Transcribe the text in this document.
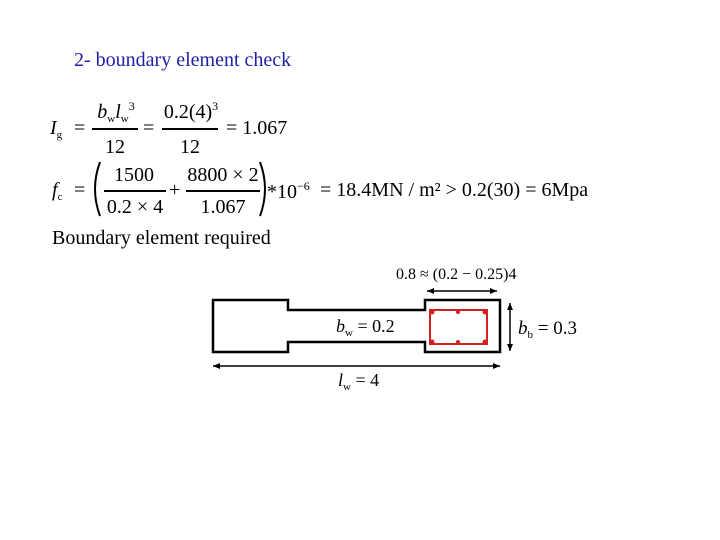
2- boundary element check
$I_g$ =
$b_wl_w^3$
12
=
$0.2(4)^3$
12
= 1.067
$f_c$ =
1500
0.2 × 4
+
8800 × 2
1.067
$*10^{-6} = 18.4MN / m^2 > 0.2(30) = 6Mpa$
Boundary element required
0.8 ≈ (0.2 − 0.25)4
$b_w = 0.2$	$b_b = 0.3$
$l_w = 4$
